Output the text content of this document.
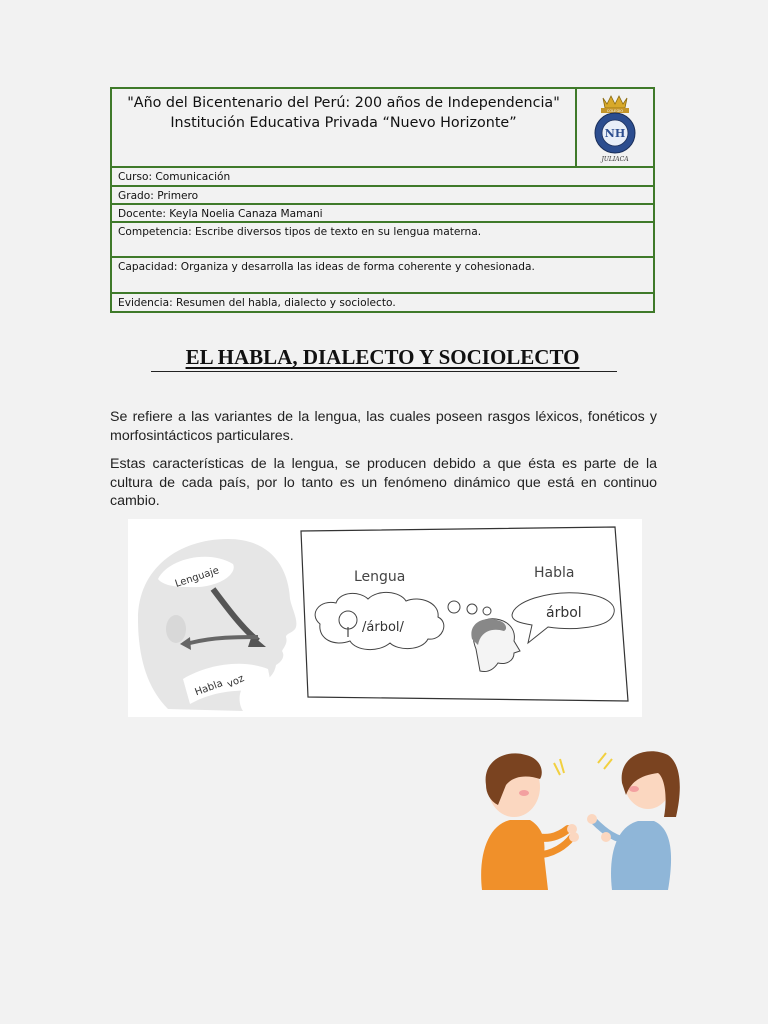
"Año del Bicentenario del Perú: 200 años de Independencia"
Institución Educativa Privada “Nuevo Horizonte”
COLEGIO
NH
JULIACA
Curso: Comunicación
Grado: Primero
Docente: Keyla Noelia Canaza Mamani
Competencia: Escribe diversos tipos de texto en su lengua materna.
Capacidad: Organiza y desarrolla las ideas de forma coherente y cohesionada.
Evidencia: Resumen del habla, dialecto y sociolecto.
EL HABLA, DIALECTO Y SOCIOLECTO
Se refiere a las variantes de la lengua, las cuales poseen rasgos léxicos, fonéticos y morfosintácticos particulares.
Estas características de la lengua, se producen debido a que ésta es parte de la cultura de cada país, por lo tanto es un fenómeno dinámico que está en continuo cambio.
Lenguaje
Habla voz
Lengua	Habla
/árbol/
árbol
